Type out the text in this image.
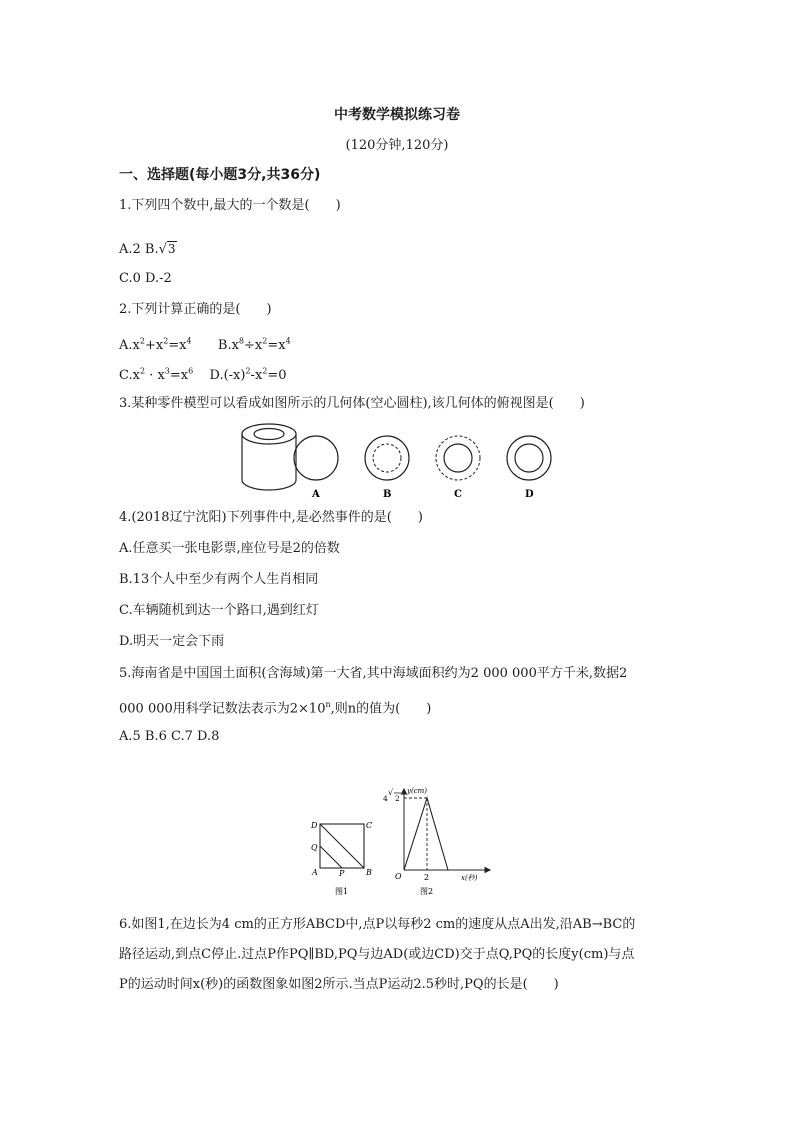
中考数学模拟练习卷
(120分钟,120分)
一、选择题(每小题3分,共36分)
1.下列四个数中,最大的一个数是(　　)
A.2 B.√3
C.0 D.-2
2.下列计算正确的是(　　)
$A.x^2+x^2=x^4$ $B.x^8\div x^2=x^4$
$C.x^2 \cdot x^3=x^6$ $D.(-x)^2-x^2=0$
3.某种零件模型可以看成如图所示的几何体(空心圆柱),该几何体的俯视图是(　　)
A	B	C	D
4.(2018辽宁沈阳)下列事件中,是必然事件的是(　　)
A.任意买一张电影票,座位号是2的倍数
B.13个人中至少有两个人生肖相同
C.车辆随机到达一个路口,遇到红灯
D.明天一定会下雨
5.海南省是中国国土面积(含海域)第一大省,其中海域面积约为2 000 000平方千米,数据2
000 000用科学记数法表示为$2\times 10^n$,则n的值为(　　)
A.5 B.6 C.7 D.8
D	C
Q
A	P	B
图1
y(cm)
4
√
2
O	2	x(秒)
图2
6.如图1,在边长为4 cm的正方形ABCD中,点P以每秒2 cm的速度从点A出发,沿AB→BC的
路径运动,到点C停止.过点P作PQ∥BD,PQ与边AD(或边CD)交于点Q,PQ的长度y(cm)与点
P的运动时间x(秒)的函数图象如图2所示.当点P运动2.5秒时,PQ的长是(　　)
